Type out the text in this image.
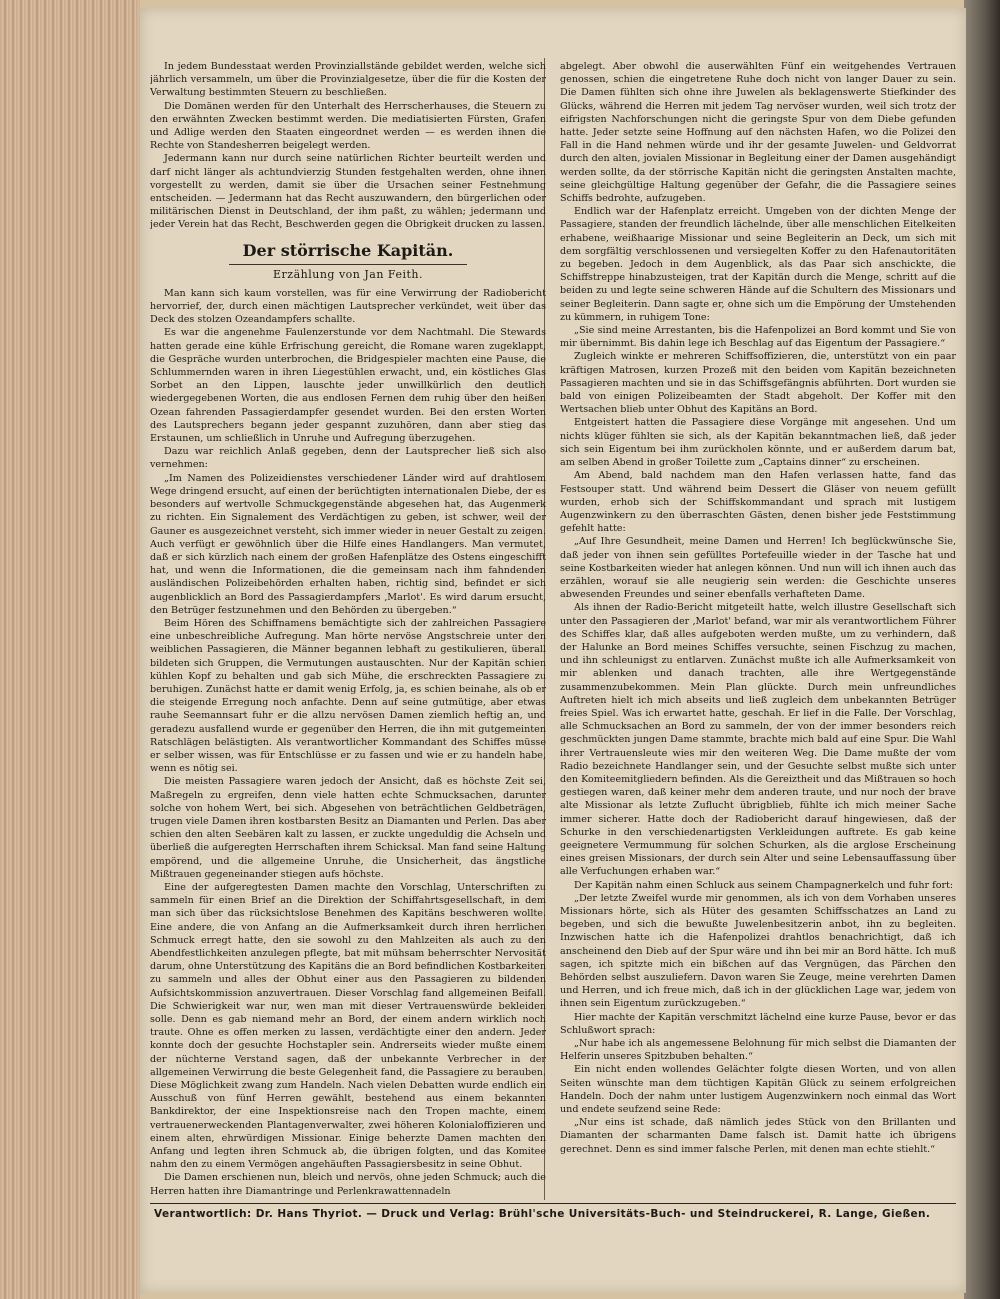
In jedem Bundesstaat werden Provinziallstände gebildet werden, welche sich jährlich versammeln, um über die Provinzialgesetze, über die für die Kosten der Verwaltung bestimmten Steuern zu beschließen.

Die Domänen werden für den Unterhalt des Herrscherhauses, die Steuern zu den erwähnten Zwecken bestimmt werden. Die mediatisierten Fürsten, Grafen und Adlige werden den Staaten eingeordnet werden — es werden ihnen die Rechte von Standesherren beigelegt werden.

Jedermann kann nur durch seine natürlichen Richter beurteilt werden und darf nicht länger als achtundvierzig Stunden festgehalten werden, ohne ihnen vorgestellt zu werden, damit sie über die Ursachen seiner Festnehmung entscheiden. — Jedermann hat das Recht auszuwandern, den bürgerlichen oder militärischen Dienst in Deutschland, der ihm paßt, zu wählen; jedermann und jeder Verein hat das Recht, Beschwerden gegen die Obrigkeit drucken zu lassen.

Der störrische Kapitän.
Erzählung von Jan Feith.

Man kann sich kaum vorstellen, was für eine Verwirrung der Radiobericht hervorrief, der, durch einen mächtigen Lautsprecher verkündet, weit über das Deck des stolzen Ozeandampfers schallte.

Es war die angenehme Faulenzerstunde vor dem Nachtmahl. Die Stewards hatten gerade eine kühle Erfrischung gereicht, die Romane waren zugeklappt, die Gespräche wurden unterbrochen, die Bridgespieler machten eine Pause, die Schlummernden waren in ihren Liegestühlen erwacht, und, ein köstliches Glas Sorbet an den Lippen, lauschte jeder unwillkürlich den deutlich wiedergegebenen Worten, die aus endlosen Fernen dem ruhig über den heißen Ozean fahrenden Passagierdampfer gesendet wurden. Bei den ersten Worten des Lautsprechers begann jeder gespannt zuzuhören, dann aber stieg das Erstaunen, um schließlich in Unruhe und Aufregung überzugehen.

Dazu war reichlich Anlaß gegeben, denn der Lautsprecher ließ sich also vernehmen:

„Im Namen des Polizeidienstes verschiedener Länder wird auf drahtlosem Wege dringend ersucht, auf einen der berüchtigten internationalen Diebe, der es besonders auf wertvolle Schmuckgegenstände abgesehen hat, das Augenmerk zu richten. Ein Signalement des Verdächtigen zu geben, ist schwer, weil der Gauner es ausgezeichnet versteht, sich immer wieder in neuer Gestalt zu zeigen. Auch verfügt er gewöhnlich über die Hilfe eines Handlangers. Man vermutet, daß er sich kürzlich nach einem der großen Hafenplätze des Ostens eingeschifft hat, und wenn die Informationen, die die gemeinsam nach ihm fahndenden ausländischen Polizeibehörden erhalten haben, richtig sind, befindet er sich augenblicklich an Bord des Passagierdampfers ‚Marlot'. Es wird darum ersucht, den Betrüger festzunehmen und den Behörden zu übergeben.“

Beim Hören des Schiffnamens bemächtigte sich der zahlreichen Passagiere eine unbeschreibliche Aufregung. Man hörte nervöse Angstschreie unter den weiblichen Passagieren, die Männer begannen lebhaft zu gestikulieren, überall bildeten sich Gruppen, die Vermutungen austauschten. Nur der Kapitän schien kühlen Kopf zu behalten und gab sich Mühe, die erschreckten Passagiere zu beruhigen. Zunächst hatte er damit wenig Erfolg, ja, es schien beinahe, als ob er die steigende Erregung noch anfachte. Denn auf seine gutmütige, aber etwas rauhe Seemannsart fuhr er die allzu nervösen Damen ziemlich heftig an, und geradezu ausfallend wurde er gegenüber den Herren, die ihn mit gutgemeinten Ratschlägen belästigten. Als verantwortlicher Kommandant des Schiffes müsse er selber wissen, was für Entschlüsse er zu fassen und wie er zu handeln habe, wenn es nötig sei.

Die meisten Passagiere waren jedoch der Ansicht, daß es höchste Zeit sei, Maßregeln zu ergreifen, denn viele hatten echte Schmucksachen, darunter solche von hohem Wert, bei sich. Abgesehen von beträchtlichen Geldbeträgen, trugen viele Damen ihren kostbarsten Besitz an Diamanten und Perlen. Das aber schien den alten Seebären kalt zu lassen, er zuckte ungeduldig die Achseln und überließ die aufgeregten Herrschaften ihrem Schicksal. Man fand seine Haltung empörend, und die allgemeine Unruhe, die Unsicherheit, das ängstliche Mißtrauen gegeneinander stiegen aufs höchste.

Eine der aufgeregtesten Damen machte den Vorschlag, Unterschriften zu sammeln für einen Brief an die Direktion der Schiffahrtsgesellschaft, in dem man sich über das rücksichtslose Benehmen des Kapitäns beschweren wollte. Eine andere, die von Anfang an die Aufmerksamkeit durch ihren herrlichen Schmuck erregt hatte, den sie sowohl zu den Mahlzeiten als auch zu den Abendfestlichkeiten anzulegen pflegte, bat mit mühsam beherrschter Nervosität darum, ohne Unterstützung des Kapitäns die an Bord befindlichen Kostbarkeiten zu sammeln und alles der Obhut einer aus den Passagieren zu bildenden Aufsichtskommission anzuvertrauen. Dieser Vorschlag fand allgemeinen Beifall. Die Schwierigkeit war nur, wen man mit dieser Vertrauenswürde bekleiden solle. Denn es gab niemand mehr an Bord, der einem andern wirklich noch traute. Ohne es offen merken zu lassen, verdächtigte einer den andern. Jeder konnte doch der gesuchte Hochstapler sein. Andrerseits wieder mußte einem der nüchterne Verstand sagen, daß der unbekannte Verbrecher in der allgemeinen Verwirrung die beste Gelegenheit fand, die Passagiere zu berauben. Diese Möglichkeit zwang zum Handeln. Nach vielen Debatten wurde endlich ein Ausschuß von fünf Herren gewählt, bestehend aus einem bekannten Bankdirektor, der eine Inspektionsreise nach den Tropen machte, einem vertrauenerweckenden Plantagenverwalter, zwei höheren Kolonialoffizieren und einem alten, ehrwürdigen Missionar. Einige beherzte Damen machten den Anfang und legten ihren Schmuck ab, die übrigen folgten, und das Komitee nahm den zu einem Vermögen angehäuften Passagiersbesitz in seine Obhut.

Die Damen erschienen nun, bleich und nervös, ohne jeden Schmuck; auch die Herren hatten ihre Diamantringe und Perlenkrawattennadeln

abgelegt. Aber obwohl die auserwählten Fünf ein weitgehendes Vertrauen genossen, schien die eingetretene Ruhe doch nicht von langer Dauer zu sein. Die Damen fühlten sich ohne ihre Juwelen als beklagenswerte Stiefkinder des Glücks, während die Herren mit jedem Tag nervöser wurden, weil sich trotz der eifrigsten Nachforschungen nicht die geringste Spur von dem Diebe gefunden hatte. Jeder setzte seine Hoffnung auf den nächsten Hafen, wo die Polizei den Fall in die Hand nehmen würde und ihr der gesamte Juwelen- und Geldvorrat durch den alten, jovialen Missionar in Begleitung einer der Damen ausgehändigt werden sollte, da der störrische Kapitän nicht die geringsten Anstalten machte, seine gleichgültige Haltung gegenüber der Gefahr, die die Passagiere seines Schiffs bedrohte, aufzugeben.

Endlich war der Hafenplatz erreicht. Umgeben von der dichten Menge der Passagiere, standen der freundlich lächelnde, über alle menschlichen Eitelkeiten erhabene, weißhaarige Missionar und seine Begleiterin an Deck, um sich mit dem sorgfältig verschlossenen und versiegelten Koffer zu den Hafenautoritäten zu begeben. Jedoch in dem Augenblick, als das Paar sich anschickte, die Schiffstreppe hinabzusteigen, trat der Kapitän durch die Menge, schritt auf die beiden zu und legte seine schweren Hände auf die Schultern des Missionars und seiner Begleiterin. Dann sagte er, ohne sich um die Empörung der Umstehenden zu kümmern, in ruhigem Tone:

„Sie sind meine Arrestanten, bis die Hafenpolizei an Bord kommt und Sie von mir übernimmt. Bis dahin lege ich Beschlag auf das Eigentum der Passagiere.“

Zugleich winkte er mehreren Schiffsoffizieren, die, unterstützt von ein paar kräftigen Matrosen, kurzen Prozeß mit den beiden vom Kapitän bezeichneten Passagieren machten und sie in das Schiffsgefängnis abführten. Dort wurden sie bald von einigen Polizeibeamten der Stadt abgeholt. Der Koffer mit den Wertsachen blieb unter Obhut des Kapitäns an Bord.

Entgeistert hatten die Passagiere diese Vorgänge mit angesehen. Und um nichts klüger fühlten sie sich, als der Kapitän bekanntmachen ließ, daß jeder sich sein Eigentum bei ihm zurückholen könnte, und er außerdem darum bat, am selben Abend in großer Toilette zum „Captains dinner“ zu erscheinen.

Am Abend, bald nachdem man den Hafen verlassen hatte, fand das Festsouper statt. Und während beim Dessert die Gläser von neuem gefüllt wurden, erhob sich der Schiffskommandant und sprach mit lustigem Augenzwinkern zu den überraschten Gästen, denen bisher jede Feststimmung gefehlt hatte:

„Auf Ihre Gesundheit, meine Damen und Herren! Ich beglückwünsche Sie, daß jeder von ihnen sein gefülltes Portefeuille wieder in der Tasche hat und seine Kostbarkeiten wieder hat anlegen können. Und nun will ich ihnen auch das erzählen, worauf sie alle neugierig sein werden: die Geschichte unseres abwesenden Freundes und seiner ebenfalls verhafteten Dame.

Als ihnen der Radio-Bericht mitgeteilt hatte, welch illustre Gesellschaft sich unter den Passagieren der ‚Marlot' befand, war mir als verantwortlichem Führer des Schiffes klar, daß alles aufgeboten werden mußte, um zu verhindern, daß der Halunke an Bord meines Schiffes versuchte, seinen Fischzug zu machen, und ihn schleunigst zu entlarven. Zunächst mußte ich alle Aufmerksamkeit von mir ablenken und danach trachten, alle ihre Wertgegenstände zusammenzubekommen. Mein Plan glückte. Durch mein unfreundliches Auftreten hielt ich mich abseits und ließ zugleich dem unbekannten Betrüger freies Spiel. Was ich erwartet hatte, geschah. Er lief in die Falle. Der Vorschlag, alle Schmucksachen an Bord zu sammeln, der von der immer besonders reich geschmückten jungen Dame stammte, brachte mich bald auf eine Spur. Die Wahl ihrer Vertrauensleute wies mir den weiteren Weg. Die Dame mußte der vom Radio bezeichnete Handlanger sein, und der Gesuchte selbst mußte sich unter den Komiteemitgliedern befinden. Als die Gereiztheit und das Mißtrauen so hoch gestiegen waren, daß keiner mehr dem anderen traute, und nur noch der brave alte Missionar als letzte Zuflucht übrigblieb, fühlte ich mich meiner Sache immer sicherer. Hatte doch der Radiobericht darauf hingewiesen, daß der Schurke in den verschiedenartigsten Verkleidungen auftrete. Es gab keine geeignetere Vermummung für solchen Schurken, als die arglose Erscheinung eines greisen Missionars, der durch sein Alter und seine Lebensauffassung über alle Verfuchungen erhaben war.“

Der Kapitän nahm einen Schluck aus seinem Champagnerkelch und fuhr fort:

„Der letzte Zweifel wurde mir genommen, als ich von dem Vorhaben unseres Missionars hörte, sich als Hüter des gesamten Schiffsschatzes an Land zu begeben, und sich die bewußte Juwelenbesitzerin anbot, ihn zu begleiten. Inzwischen hatte ich die Hafenpolizei drahtlos benachrichtigt, daß ich anscheinend den Dieb auf der Spur wäre und ihn bei mir an Bord hätte. Ich muß sagen, ich spitzte mich ein bißchen auf das Vergnügen, das Pärchen den Behörden selbst auszuliefern. Davon waren Sie Zeuge, meine verehrten Damen und Herren, und ich freue mich, daß ich in der glücklichen Lage war, jedem von ihnen sein Eigentum zurückzugeben.“

Hier machte der Kapitän verschmitzt lächelnd eine kurze Pause, bevor er das Schlußwort sprach:

„Nur habe ich als angemessene Belohnung für mich selbst die Diamanten der Helferin unseres Spitzbuben behalten.“

Ein nicht enden wollendes Gelächter folgte diesen Worten, und von allen Seiten wünschte man dem tüchtigen Kapitän Glück zu seinem erfolgreichen Handeln. Doch der nahm unter lustigem Augenzwinkern noch einmal das Wort und endete seufzend seine Rede:

„Nur eins ist schade, daß nämlich jedes Stück von den Brillanten und Diamanten der scharmanten Dame falsch ist. Damit hatte ich übrigens gerechnet. Denn es sind immer falsche Perlen, mit denen man echte stiehlt.“

Verantwortlich: Dr. Hans Thyriot. — Druck und Verlag: Brühl'sche Universitäts-Buch- und Steindruckerei, R. Lange, Gießen.
